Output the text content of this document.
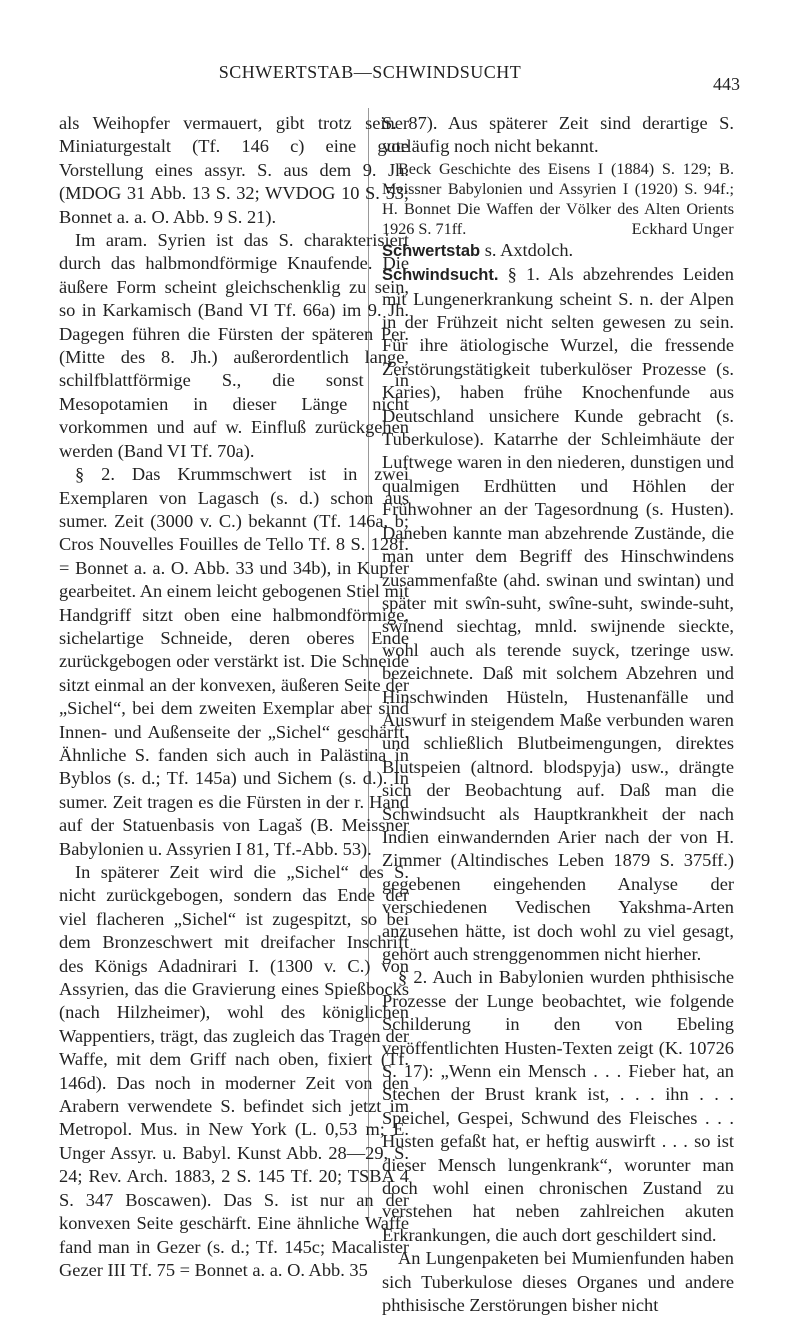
SCHWERTSTAB—SCHWINDSUCHT
443

als Weihopfer vermauert, gibt trotz seiner Miniaturgestalt (Tf. 146 c) eine gute Vorstellung eines assyr. S. aus dem 9. Jh. (MDOG 31 Abb. 13 S. 32; WVDOG 10 S. 53; Bonnet a. a. O. Abb. 9 S. 21).

Im aram. Syrien ist das S. charakterisiert durch das halbmondförmige Knaufende. Die äußere Form scheint gleichschenklig zu sein, so in Karkamisch (Band VI Tf. 66a) im 9. Jh. Dagegen führen die Fürsten der späteren Per. (Mitte des 8. Jh.) außerordentlich lange, schilfblattförmige S., die sonst in Mesopotamien in dieser Länge nicht vorkommen und auf w. Einfluß zurückgehen werden (Band VI Tf. 70a).

§ 2. Das Krummschwert ist in zwei Exemplaren von Lagasch (s. d.) schon aus sumer. Zeit (3000 v. C.) bekannt (Tf. 146a, b; Cros Nouvelles Fouilles de Tello Tf. 8 S. 128f. = Bonnet a. a. O. Abb. 33 und 34b), in Kupfer gearbeitet. An einem leicht gebogenen Stiel mit Handgriff sitzt oben eine halbmondförmige, sichelartige Schneide, deren oberes Ende zurückgebogen oder verstärkt ist. Die Schneide sitzt einmal an der konvexen, äußeren Seite der „Sichel“, bei dem zweiten Exemplar aber sind Innen- und Außenseite der „Sichel“ geschärft. Ähnliche S. fanden sich auch in Palästina in Byblos (s. d.; Tf. 145a) und Sichem (s. d.). In sumer. Zeit tragen es die Fürsten in der r. Hand auf der Statuenbasis von Lagaš (B. Meissner Babylonien u. Assyrien I 81, Tf.-Abb. 53).

In späterer Zeit wird die „Sichel“ des S. nicht zurückgebogen, sondern das Ende der viel flacheren „Sichel“ ist zugespitzt, so bei dem Bronzeschwert mit dreifacher Inschrift des Königs Adadnirari I. (1300 v. C.) von Assyrien, das die Gravierung eines Spießbocks (nach Hilzheimer), wohl des königlichen Wappentiers, trägt, das zugleich das Tragen der Waffe, mit dem Griff nach oben, fixiert (Tf. 146d). Das noch in moderner Zeit von den Arabern verwendete S. befindet sich jetzt im Metropol. Mus. in New York (L. 0,53 m; E. Unger Assyr. u. Babyl. Kunst Abb. 28—29, S. 24; Rev. Arch. 1883, 2 S. 145 Tf. 20; TSBA 4 S. 347 Boscawen). Das S. ist nur an der konvexen Seite geschärft. Eine ähnliche Waffe fand man in Gezer (s. d.; Tf. 145c; Macalister Gezer III Tf. 75 = Bonnet a. a. O. Abb. 35

S. 87). Aus späterer Zeit sind derartige S. vorläufig noch nicht bekannt.

Beck Geschichte des Eisens I (1884) S. 129; B. Meissner Babylonien und Assyrien I (1920) S. 94f.; H. Bonnet Die Waffen der Völker des Alten Orients 1926 S. 71ff.	Eckhard Unger

Schwertstab s. Axtdolch.

Schwindsucht. § 1. Als abzehrendes Leiden mit Lungenerkrankung scheint S. n. der Alpen in der Frühzeit nicht selten gewesen zu sein. Für ihre ätiologische Wurzel, die fressende Zerstörungstätigkeit tuberkulöser Prozesse (s. Karies), haben frühe Knochenfunde aus Deutschland unsichere Kunde gebracht (s. Tuberkulose). Katarrhe der Schleimhäute der Luftwege waren in den niederen, dunstigen und qualmigen Erdhütten und Höhlen der Frühwohner an der Tagesordnung (s. Husten). Daneben kannte man abzehrende Zustände, die man unter dem Begriff des Hinschwindens zusammenfaßte (ahd. swinan und swintan) und später mit swîn-suht, swîne-suht, swinde-suht, swinend siechtag, mnld. swijnende sieckte, wohl auch als terende suyck, tzeringe usw. bezeichnete. Daß mit solchem Abzehren und Hinschwinden Hüsteln, Hustenanfälle und Auswurf in steigendem Maße verbunden waren und schließlich Blutbeimengungen, direktes Blutspeien (altnord. blodspyja) usw., drängte sich der Beobachtung auf. Daß man die Schwindsucht als Hauptkrankheit der nach Indien einwandernden Arier nach der von H. Zimmer (Altindisches Leben 1879 S. 375ff.) gegebenen eingehenden Analyse der verschiedenen Vedischen Yakshma-Arten anzusehen hätte, ist doch wohl zu viel gesagt, gehört auch strenggenommen nicht hierher.

§ 2. Auch in Babylonien wurden phthisische Prozesse der Lunge beobachtet, wie folgende Schilderung in den von Ebeling veröffentlichten Husten-Texten zeigt (K. 10726 S. 17): „Wenn ein Mensch . . . Fieber hat, an Stechen der Brust krank ist, . . . ihn . . . Speichel, Gespei, Schwund des Fleisches . . . Husten gefaßt hat, er heftig auswirft . . . so ist dieser Mensch lungenkrank“, worunter man doch wohl einen chronischen Zustand zu verstehen hat neben zahlreichen akuten Erkrankungen, die auch dort geschildert sind.

An Lungenpaketen bei Mumienfunden haben sich Tuberkulose dieses Organes und andere phthisische Zerstörungen bisher nicht
